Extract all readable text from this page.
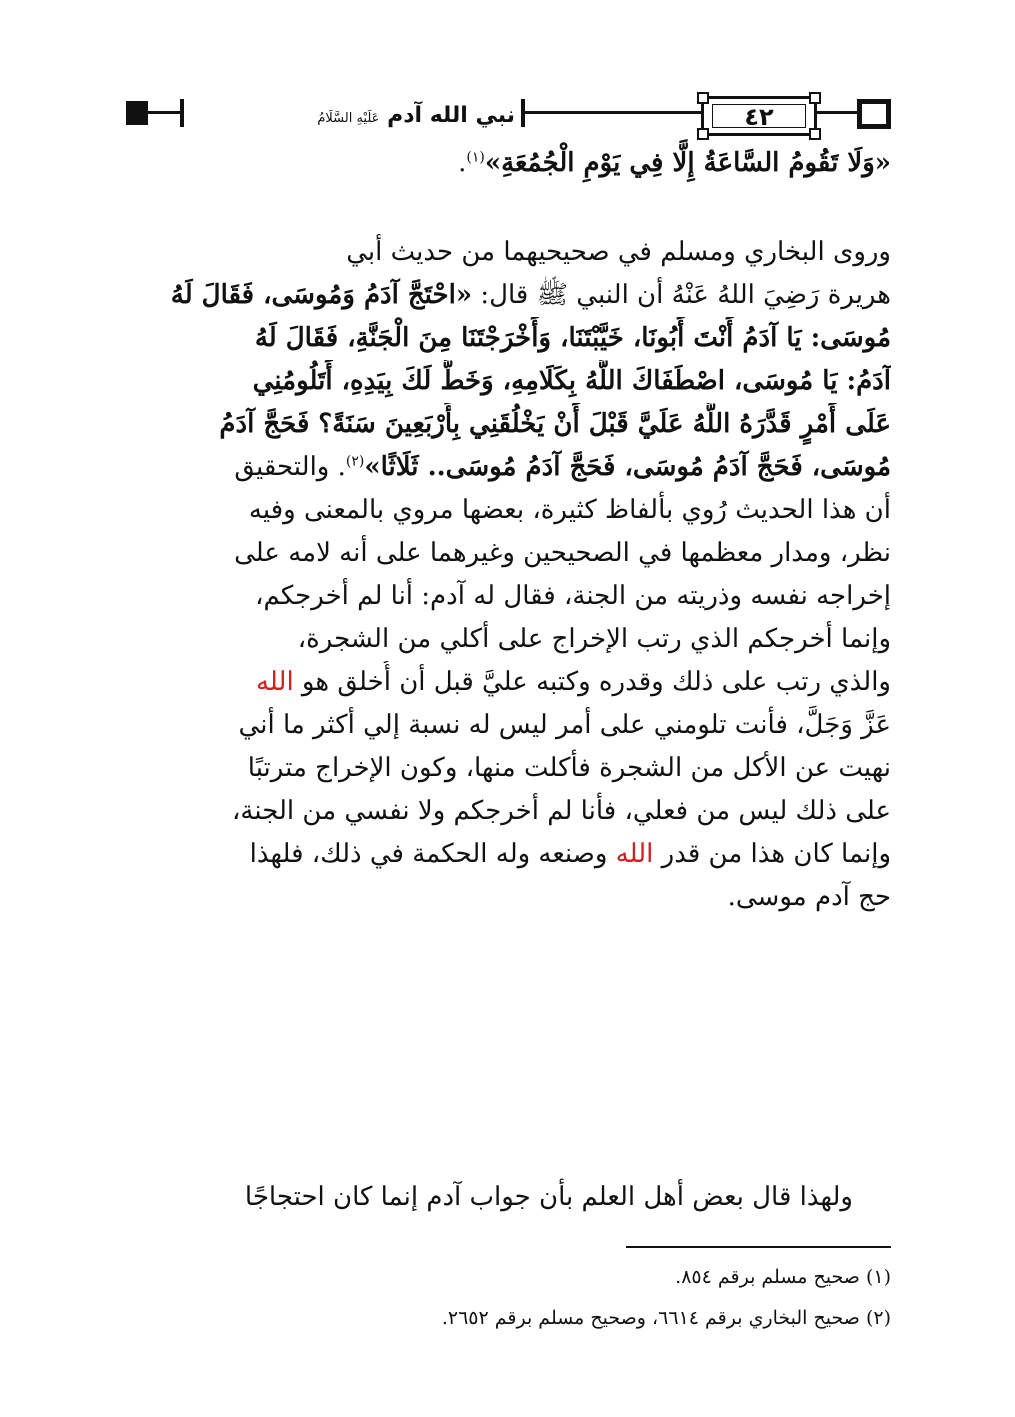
نبي الله آدم عَلَيْهِ السَّلَامُ	٤٢
«وَلَا تَقُومُ السَّاعَةُ إِلَّا فِي يَوْمِ الْجُمُعَةِ»$^{(١)}$.
وروى البخاري ومسلم في صحيحيهما من حديث أبي
هريرة رَضِيَ اللهُ عَنْهُ أن النبي ﷺ قال: «احْتَجَّ آدَمُ وَمُوسَى، فَقَالَ لَهُ
مُوسَى: يَا آدَمُ أَنْتَ أَبُونَا، خَيَّبْتَنَا، وَأَخْرَجْتَنَا مِنَ الْجَنَّةِ، فَقَالَ لَهُ
آدَمُ: يَا مُوسَى، اصْطَفَاكَ اللَّهُ بِكَلَامِهِ، وَخَطَّ لَكَ بِيَدِهِ، أَتَلُومُنِي
عَلَى أَمْرٍ قَدَّرَهُ اللَّهُ عَلَيَّ قَبْلَ أَنْ يَخْلُقَنِي بِأَرْبَعِينَ سَنَةً؟ فَحَجَّ آدَمُ
مُوسَى، فَحَجَّ آدَمُ مُوسَى، فَحَجَّ آدَمُ مُوسَى.. ثَلَاثًا»$^{(٢)}$. والتحقيق
أن هذا الحديث رُوي بألفاظ كثيرة، بعضها مروي بالمعنى وفيه
نظر، ومدار معظمها في الصحيحين وغيرهما على أنه لامه على
إخراجه نفسه وذريته من الجنة، فقال له آدم: أنا لم أخرجكم،
وإنما أخرجكم الذي رتب الإخراج على أكلي من الشجرة،
والذي رتب على ذلك وقدره وكتبه عليَّ قبل أن أُخلق هو الله
عَزَّ وَجَلَّ، فأنت تلومني على أمر ليس له نسبة إلي أكثر ما أني
نهيت عن الأكل من الشجرة فأكلت منها، وكون الإخراج مترتبًا
على ذلك ليس من فعلي، فأنا لم أخرجكم ولا نفسي من الجنة،
وإنما كان هذا من قدر الله وصنعه وله الحكمة في ذلك، فلهذا
حج آدم موسى.
ولهذا قال بعض أهل العلم بأن جواب آدم إنما كان احتجاجًا
(١) صحيح مسلم برقم ٨٥٤.
(٢) صحيح البخاري برقم ٦٦١٤، وصحيح مسلم برقم ٢٦٥٢.
